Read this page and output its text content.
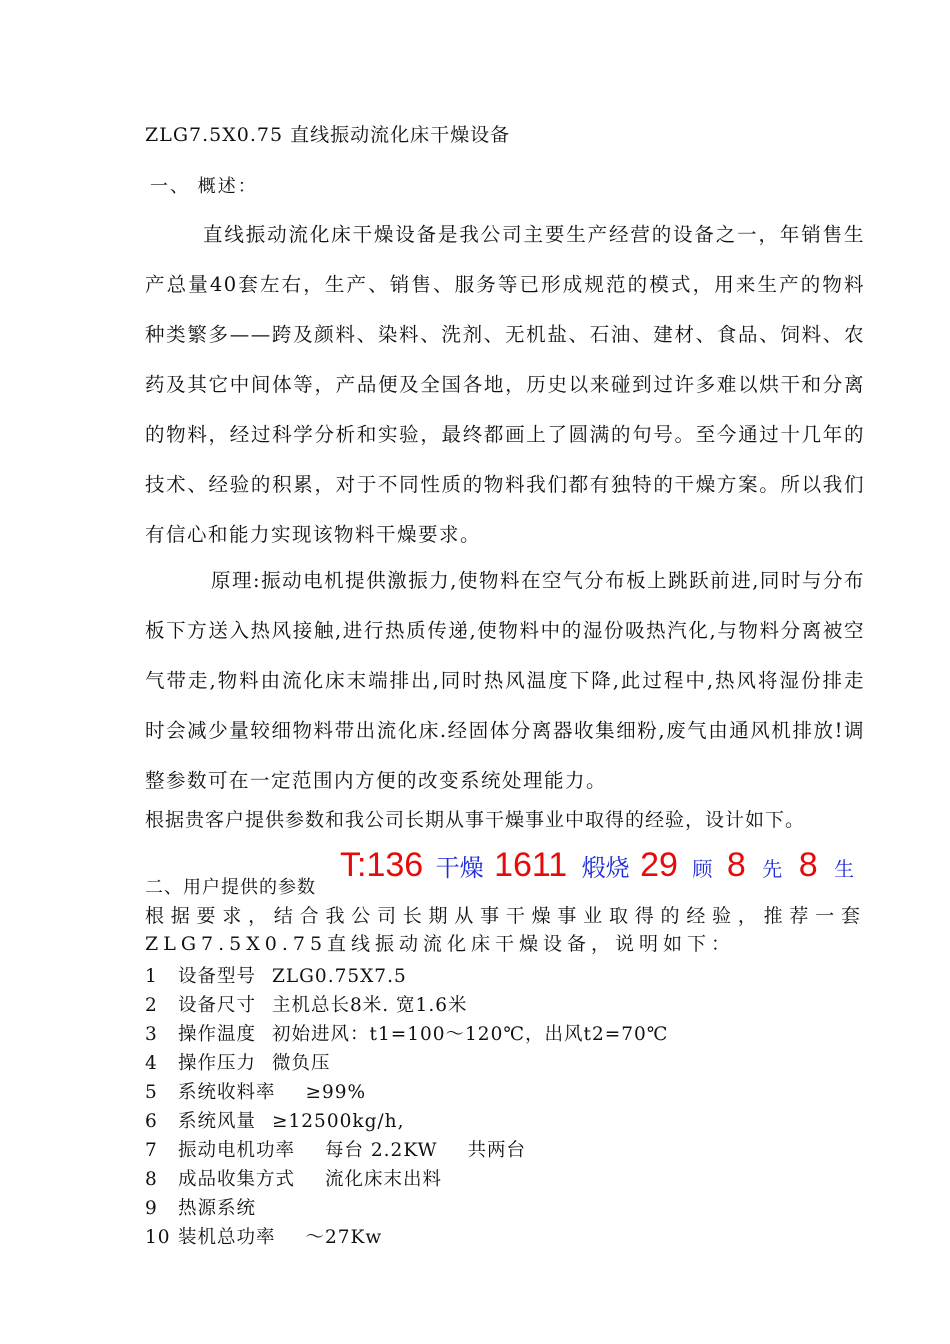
ZLG7.5X0.75 直线振动流化床干燥设备
一、 概述：
直线振动流化床干燥设备是我公司主要生产经营的设备之一，年销售生产总量40套左右，生产、销售、服务等已形成规范的模式，用来生产的物料种类繁多——跨及颜料、染料、洗剂、无机盐、石油、建材、食品、饲料、农药及其它中间体等，产品便及全国各地，历史以来碰到过许多难以烘干和分离的物料，经过科学分析和实验，最终都画上了圆满的句号。至今通过十几年的技术、经验的积累，对于不同性质的物料我们都有独特的干燥方案。所以我们有信心和能力实现该物料干燥要求。
原理:振动电机提供激振力,使物料在空气分布板上跳跃前进,同时与分布板下方送入热风接触,进行热质传递,使物料中的湿份吸热汽化,与物料分离被空气带走,物料由流化床末端排出,同时热风温度下降,此过程中,热风将湿份排走时会减少量较细物料带出流化床.经固体分离器收集细粉,废气由通风机排放!调整参数可在一定范围内方便的改变系统处理能力。
根据贵客户提供参数和我公司长期从事干燥事业中取得的经验，设计如下。
二、用户提供的参数
T:136 干燥 1611 煅烧 29 顾 8 先 8 生
根据要求，结合我公司长期从事干燥事业取得的经验，推荐一套ZLG7.5X0.75直线振动流化床干燥设备，说明如下：
1 设备型号 ZLG0.75X7.5
2 设备尺寸 主机总长8米. 宽1.6米
3 操作温度 初始进风：t1=100～120℃，出风t2=70℃
4 操作压力 微负压
5 系统收料率 ≥99%
6 系统风量 ≥12500kg/h,
7 振动电机功率 每台 2.2KW 共两台
8 成品收集方式 流化床末出料
9 热源系统
10 装机总功率 ～27Kw
